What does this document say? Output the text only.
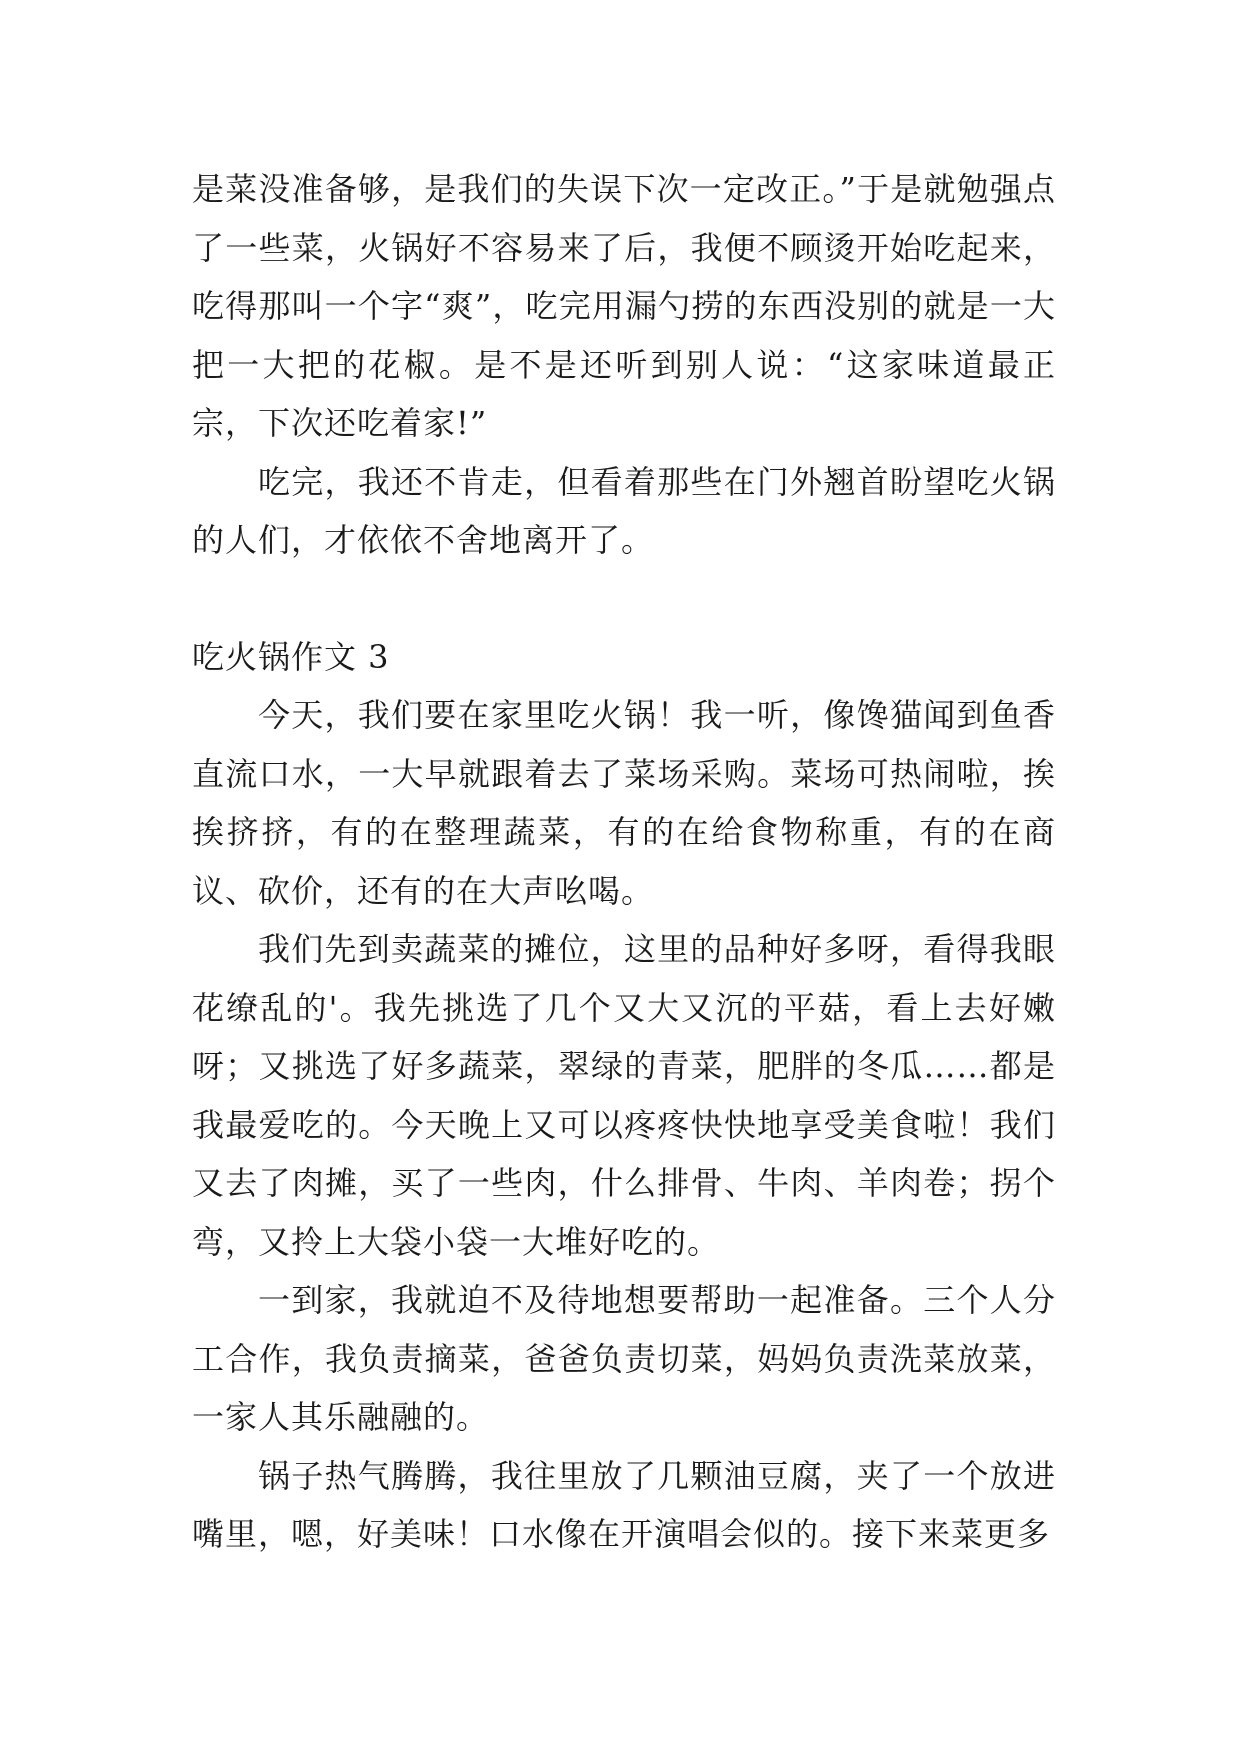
是菜没准备够，是我们的失误下次一定改正。”于是就勉强点了一些菜，火锅好不容易来了后，我便不顾烫开始吃起来，吃得那叫一个字“爽”，吃完用漏勺捞的东西没别的就是一大把一大把的花椒。是不是还听到别人说：“这家味道最正宗，下次还吃着家!”

吃完，我还不肯走，但看着那些在门外翘首盼望吃火锅的人们，才依依不舍地离开了。

吃火锅作文 3

今天，我们要在家里吃火锅！我一听，像馋猫闻到鱼香直流口水，一大早就跟着去了菜场采购。菜场可热闹啦，挨挨挤挤，有的在整理蔬菜，有的在给食物称重，有的在商议、砍价，还有的在大声吆喝。

我们先到卖蔬菜的摊位，这里的品种好多呀，看得我眼花缭乱的'。我先挑选了几个又大又沉的平菇，看上去好嫩呀；又挑选了好多蔬菜，翠绿的青菜，肥胖的冬瓜……都是我最爱吃的。今天晚上又可以疼疼快快地享受美食啦！我们又去了肉摊，买了一些肉，什么排骨、牛肉、羊肉卷；拐个弯，又拎上大袋小袋一大堆好吃的。

一到家，我就迫不及待地想要帮助一起准备。三个人分工合作，我负责摘菜，爸爸负责切菜，妈妈负责洗菜放菜，一家人其乐融融的。

锅子热气腾腾，我往里放了几颗油豆腐，夹了一个放进嘴里，嗯，好美味！口水像在开演唱会似的。接下来菜更多
